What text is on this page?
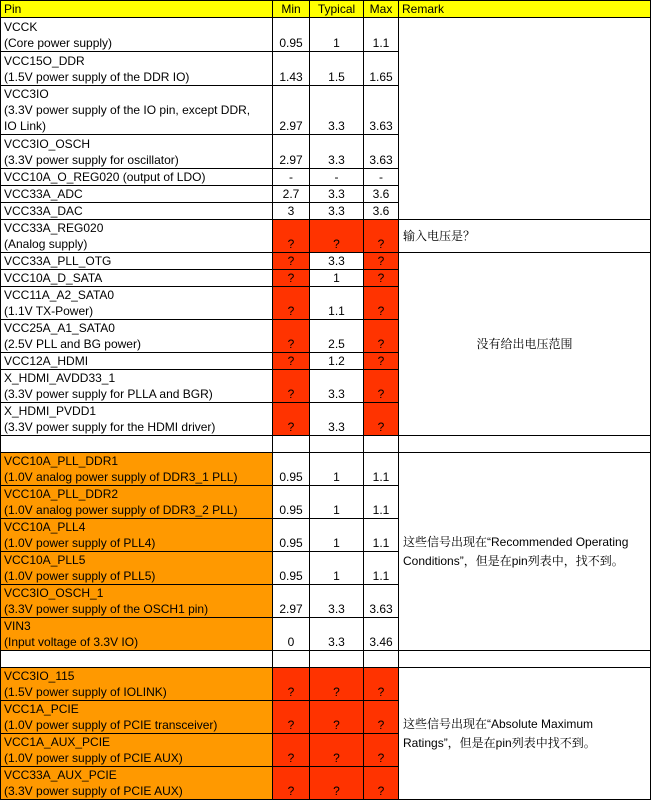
Pin	Min	Typical	Max	Remark

VCCK
(Core power supply)	0.95	1	1.1	

VCC15O_DDR
(1.5V power supply of the DDR IO)	1.43	1.5	1.65	

VCC3IO
(3.3V power supply of the IO pin, except DDR,
IO Link)	2.97	3.3	3.63	

VCC3IO_OSCH
(3.3V power supply for oscillator)	2.97	3.3	3.63	
VCC10A_O_REG020 (output of LDO)	-	-	-	
VCC33A_ADC	2.7	3.3	3.6	
VCC33A_DAC	3	3.3	3.6	

VCC33A_REG020
(Analog supply)	?	?	?	输入电压是？
VCC33A_PLL_OTG	?	3.3	?	没有给出电压范围
VCC10A_D_SATA	?	1	?	

VCC11A_A2_SATA0
(1.1V TX-Power)	?	1.1	?	

VCC25A_A1_SATA0
(2.5V PLL and BG power)	?	2.5	?	
VCC12A_HDMI	?	1.2	?	

X_HDMI_AVDD33_1
(3.3V power supply for PLLA and BGR)	?	3.3	?	

X_HDMI_PVDD1
(3.3V power supply for the HDMI driver)	?	3.3	?	

VCC10A_PLL_DDR1
(1.0V analog power supply of DDR3_1 PLL)	0.95	1	1.1	这些信号出现在“Recommended Operating Conditions”，但是在pin列表中，找不到。

VCC10A_PLL_DDR2
(1.0V analog power supply of DDR3_2 PLL)	0.95	1	1.1	

VCC10A_PLL4
(1.0V power supply of PLL4)	0.95	1	1.1	

VCC10A_PLL5
(1.0V power supply of PLL5)	0.95	1	1.1	

VCC3IO_OSCH_1
(3.3V power supply of the OSCH1 pin)	2.97	3.3	3.63	

VIN3
(Input voltage of 3.3V IO)	0	3.3	3.46	

VCC3IO_115
(1.5V power supply of IOLINK)	?	?	?	这些信号出现在“Absolute Maximum Ratings”，但是在pin列表中找不到。

VCC1A_PCIE
(1.0V power supply of PCIE transceiver)	?	?	?	

VCC1A_AUX_PCIE
(1.0V power supply of PCIE AUX)	?	?	?	

VCC33A_AUX_PCIE
(3.3V power supply of PCIE AUX)	?	?	?	
